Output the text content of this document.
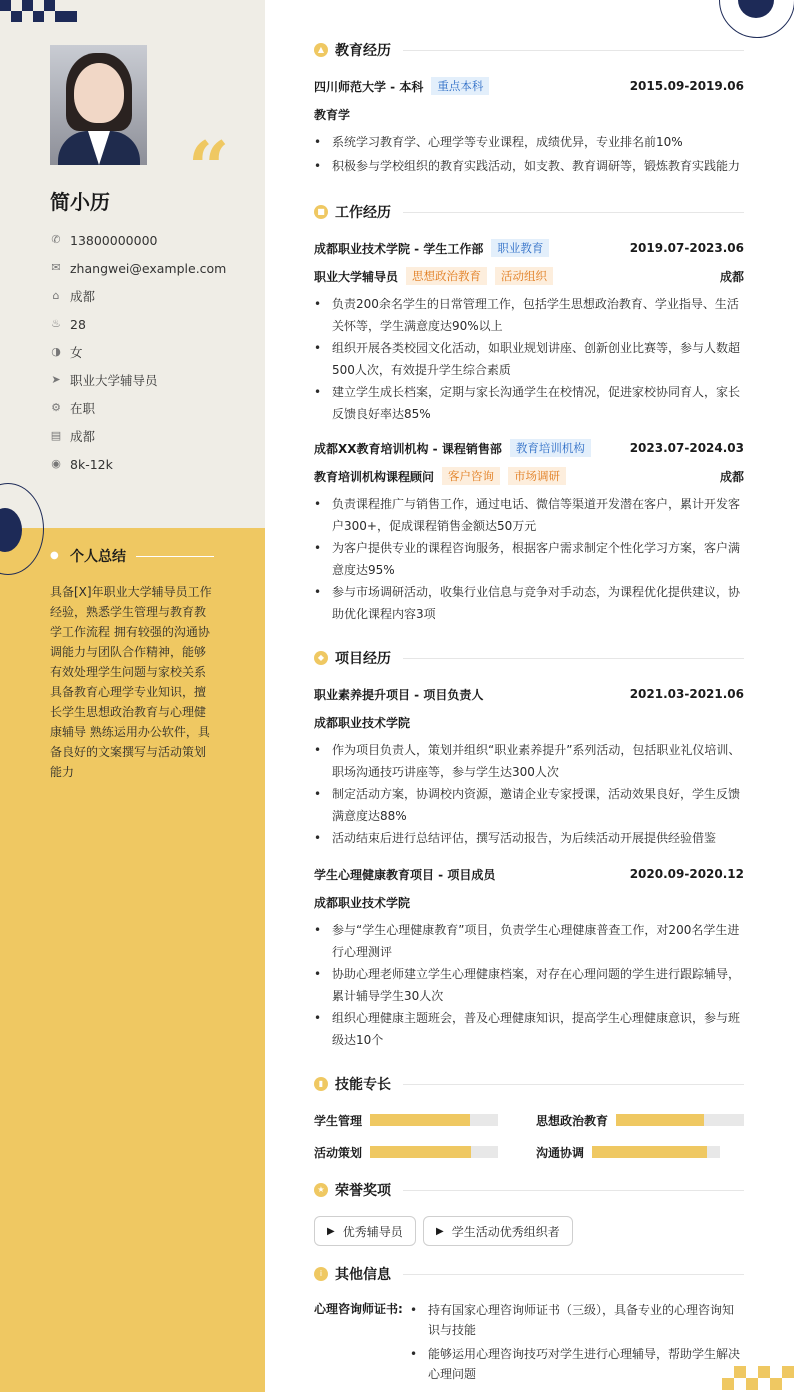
“
简小历
✆ 13800000000
✉ zhangwei@example.com
⌂ 成都
♨ 28
◑ 女
➤ 职业大学辅导员
⚙ 在职
▤ 成都
◉ 8k-12k
● 个人总结
具备[X]年职业大学辅导员工作经验，熟悉学生管理与教育教学工作流程 拥有较强的沟通协调能力与团队合作精神，能够有效处理学生问题与家校关系 具备教育心理学专业知识，擅长学生思想政治教育与心理健康辅导 熟练运用办公软件，具备良好的文案撰写与活动策划能力
▲ 教育经历
四川师范大学 - 本科	重点本科	2015.09-2019.06
教育学
• 系统学习教育学、心理学等专业课程，成绩优异，专业排名前10%
• 积极参与学校组织的教育实践活动，如支教、教育调研等，锻炼教育实践能力
■ 工作经历
成都职业技术学院 - 学生工作部	职业教育	2019.07-2023.06
职业大学辅导员	思想政治教育	活动组织	成都
• 负责200余名学生的日常管理工作，包括学生思想政治教育、学业指导、生活关怀等，学生满意度达90%以上
• 组织开展各类校园文化活动，如职业规划讲座、创新创业比赛等，参与人数超500人次，有效提升学生综合素质
• 建立学生成长档案，定期与家长沟通学生在校情况，促进家校协同育人，家长反馈良好率达85%
成都XX教育培训机构 - 课程销售部	教育培训机构	2023.07-2024.03
教育培训机构课程顾问	客户咨询	市场调研	成都
• 负责课程推广与销售工作，通过电话、微信等渠道开发潜在客户，累计开发客户300+，促成课程销售金额达50万元
• 为客户提供专业的课程咨询服务，根据客户需求制定个性化学习方案，客户满意度达95%
• 参与市场调研活动，收集行业信息与竞争对手动态，为课程优化提供建议，协助优化课程内容3项
◆ 项目经历
职业素养提升项目 - 项目负责人	2021.03-2021.06
成都职业技术学院
• 作为项目负责人，策划并组织“职业素养提升”系列活动，包括职业礼仪培训、职场沟通技巧讲座等，参与学生达300人次
• 制定活动方案，协调校内资源，邀请企业专家授课，活动效果良好，学生反馈满意度达88%
• 活动结束后进行总结评估，撰写活动报告，为后续活动开展提供经验借鉴
学生心理健康教育项目 - 项目成员	2020.09-2020.12
成都职业技术学院
• 参与“学生心理健康教育”项目，负责学生心理健康普查工作，对200名学生进行心理测评
• 协助心理老师建立学生心理健康档案，对存在心理问题的学生进行跟踪辅导，累计辅导学生30人次
• 组织心理健康主题班会，普及心理健康知识，提高学生心理健康意识，参与班级达10个
▮ 技能专长
学生管理	思想政治教育
活动策划	沟通协调
★ 荣誉奖项
▶ 优秀辅导员	▶ 学生活动优秀组织者
i 其他信息
心理咨询师证书:
•	持有国家心理咨询师证书（三级），具备专业的心理咨询知识与技能
• 能够运用心理咨询技巧对学生进行心理辅导，帮助学生解决心理问题
